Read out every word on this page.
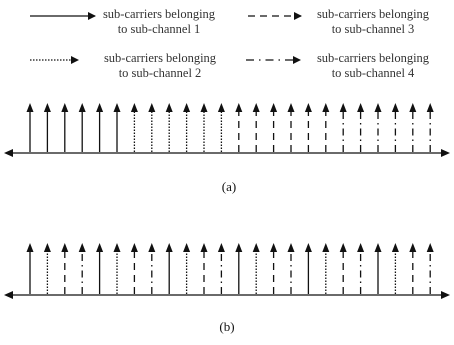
sub-carriers belonging
to sub-channel 1
sub-carriers belonging
to sub-channel 3
sub-carriers belonging
to sub-channel 2
sub-carriers belonging
to sub-channel 4
(a)
(b)
